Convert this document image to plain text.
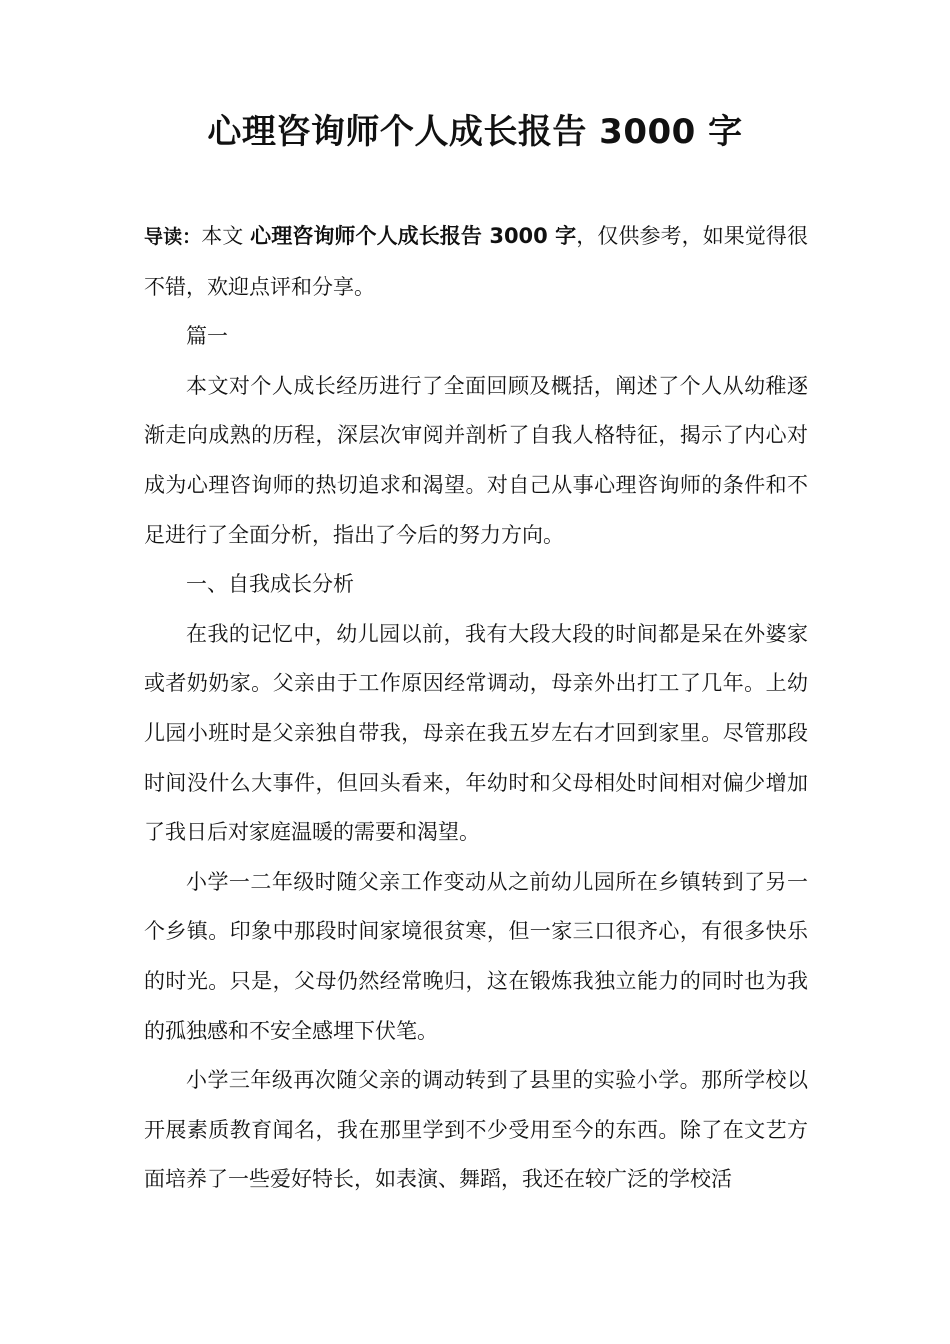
心理咨询师个人成长报告 3000 字

导读：本文 心理咨询师个人成长报告 3000 字，仅供参考，如果觉得很不错，欢迎点评和分享。

篇一

本文对个人成长经历进行了全面回顾及概括，阐述了个人从幼稚逐渐走向成熟的历程，深层次审阅并剖析了自我人格特征，揭示了内心对成为心理咨询师的热切追求和渴望。对自己从事心理咨询师的条件和不足进行了全面分析，指出了今后的努力方向。

一、自我成长分析

在我的记忆中，幼儿园以前，我有大段大段的时间都是呆在外婆家或者奶奶家。父亲由于工作原因经常调动，母亲外出打工了几年。上幼儿园小班时是父亲独自带我，母亲在我五岁左右才回到家里。尽管那段时间没什么大事件，但回头看来，年幼时和父母相处时间相对偏少增加了我日后对家庭温暖的需要和渴望。

小学一二年级时随父亲工作变动从之前幼儿园所在乡镇转到了另一个乡镇。印象中那段时间家境很贫寒，但一家三口很齐心，有很多快乐的时光。只是，父母仍然经常晚归，这在锻炼我独立能力的同时也为我的孤独感和不安全感埋下伏笔。

小学三年级再次随父亲的调动转到了县里的实验小学。那所学校以开展素质教育闻名，我在那里学到不少受用至今的东西。除了在文艺方面培养了一些爱好特长，如表演、舞蹈，我还在较广泛的学校活
